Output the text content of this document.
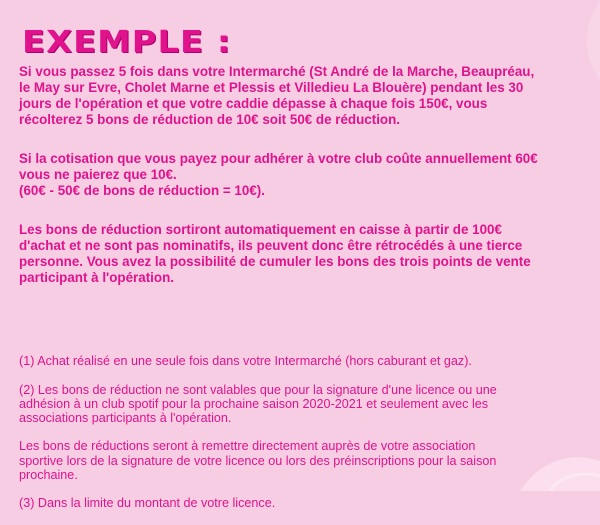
EXEMPLE :

Si vous passez 5 fois dans votre Intermarché (St André de la Marche, Beaupréau,
le May sur Evre, Cholet Marne et Plessis et Villedieu La Blouère) pendant les 30
jours de l'opération et que votre caddie dépasse à chaque fois 150€, vous
récolterez 5 bons de réduction de 10€ soit 50€ de réduction.

Si la cotisation que vous payez pour adhérer à votre club coûte annuellement 60€
vous ne paierez que 10€.
(60€ - 50€ de bons de réduction = 10€).

Les bons de réduction sortiront automatiquement en caisse à partir de 100€
d'achat et ne sont pas nominatifs, ils peuvent donc être rétrocédés à une tierce
personne. Vous avez la possibilité de cumuler les bons des trois points de vente
participant à l'opération.

(1) Achat réalisé en une seule fois dans votre Intermarché (hors caburant et gaz).

(2) Les bons de réduction ne sont valables que pour la signature d'une licence ou une
adhésion à un club spotif pour la prochaine saison 2020-2021 et seulement avec les
associations participants à l'opération.

Les bons de réductions seront à remettre directement auprès de votre association
sportive lors de la signature de votre licence ou lors des préinscriptions pour la saison
prochaine.

(3) Dans la limite du montant de votre licence.
